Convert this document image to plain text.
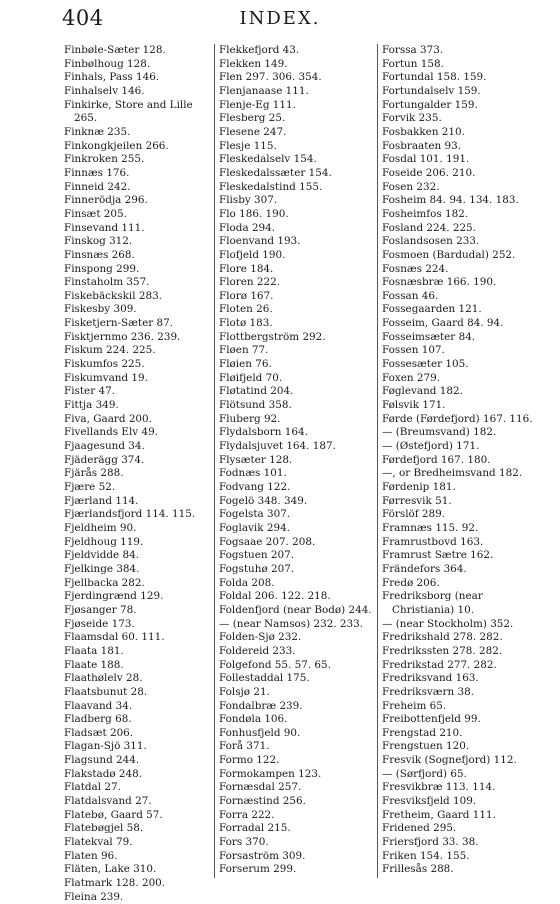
404	INDEX.
Finbøle-Sæter 128.
Finbølhoug 128.
Finhals, Pass 146.
Finhalselv 146.
Finkirke, Store and Lille 265.
Finknæ 235.
Finkongkjeilen 266.
Finkroken 255.
Finnæs 176.
Finneid 242.
Finnerödja 296.
Finsæt 205.
Finsevand 111.
Finskog 312.
Finsnæs 268.
Finspong 299.
Finstaholm 357.
Fiskebäckskil 283.
Fiskesby 309.
Fisketjern-Sæter 87.
Fisktjernmo 236. 239.
Fiskum 224. 225.
Fiskumfos 225.
Fiskumvand 19.
Fister 47.
Fittja 349.
Fiva, Gaard 200.
Fivellands Elv 49.
Fjaagesund 34.
Fjäderägg 374.
Fjärås 288.
Fjære 52.
Fjærland 114.
Fjærlandsfjord 114. 115.
Fjeldheim 90.
Fjeldhoug 119.
Fjeldvidde 84.
Fjelkinge 384.
Fjellbacka 282.
Fjerdingrænd 129.
Fjøsanger 78.
Fjøseide 173.
Flaamsdal 60. 111.
Flaata 181.
Flaate 188.
Flaathølelv 28.
Flaatsbunut 28.
Flaavand 34.
Fladberg 68.
Fladsæt 206.
Flagan-Sjö 311.
Flagsund 244.
Flakstadø 248.
Flatdal 27.
Flatdalsvand 27.
Flatebø, Gaard 57.
Flatebøgjel 58.
Flatekval 79.
Flaten 96.
Fläten, Lake 310.
Flatmark 128. 200.
Fleina 239.
Flekkefjord 43.
Flekken 149.
Flen 297. 306. 354.
Flenjanaase 111.
Flenje-Eg 111.
Flesberg 25.
Flesene 247.
Flesje 115.
Fleskedalselv 154.
Fleskedalssæter 154.
Fleskedalstind 155.
Flisby 307.
Flo 186. 190.
Floda 294.
Floenvand 193.
Flofjeld 190.
Flore 184.
Floren 222.
Florø 167.
Floten 26.
Flotø 183.
Flottbergström 292.
Fløen 77.
Fløien 76.
Fløifjeld 70.
Fløtatind 204.
Flötsund 358.
Fluberg 92.
Flydalsborn 164.
Flydalsjuvet 164. 187.
Flysæter 128.
Fodnæs 101.
Fodvang 122.
Fogelö 348. 349.
Fogelsta 307.
Foglavik 294.
Fogsaae 207. 208.
Fogstuen 207.
Fogstuhø 207.
Folda 208.
Foldal 206. 122. 218.
Foldenfjord (near Bodø) 244.
— (near Namsos) 232. 233.
Folden-Sjø 232.
Foldereid 233.
Folgefond 55. 57. 65.
Follestaddal 175.
Folsjø 21.
Fondalbræ 239.
Fondøla 106.
Fonhusfjeld 90.
Forå 371.
Formo 122.
Formokampen 123.
Fornæsdal 257.
Fornæstind 256.
Forra 222.
Forradal 215.
Fors 370.
Forsaström 309.
Forserum 299.
Forssa 373.
Fortun 158.
Fortundal 158. 159.
Fortundalselv 159.
Fortungalder 159.
Forvik 235.
Fosbakken 210.
Fosbraaten 93.
Fosdal 101. 191.
Foseide 206. 210.
Fosen 232.
Fosheim 84. 94. 134. 183.
Fosheimfos 182.
Fosland 224. 225.
Foslandsosen 233.
Fosmoen (Bardudal) 252.
Fosnæs 224.
Fosnæsbræ 166. 190.
Fossan 46.
Fossegaarden 121.
Fosseim, Gaard 84. 94.
Fosseimsæter 84.
Fossen 107.
Fossesæter 105.
Foxen 279.
Føglevand 182.
Følsvik 171.
Førde (Førdefjord) 167. 116.
— (Breumsvand) 182.
— (Østefjord) 171.
Førdefjord 167. 180.
—, or Bredheimsvand 182.
Førdenip 181.
Førresvik 51.
Förslöf 289.
Framnæs 115. 92.
Framrustbovd 163.
Framrust Sætre 162.
Frändefors 364.
Fredø 206.
Fredriksborg (near Christiania) 10.
— (near Stockholm) 352.
Fredrikshald 278. 282.
Fredrikssten 278. 282.
Fredrikstad 277. 282.
Fredriksvand 163.
Fredriksværn 38.
Freheim 65.
Freibottenfjeld 99.
Frengstad 210.
Frengstuen 120.
Fresvik (Sognefjord) 112.
— (Sørfjord) 65.
Fresvikbræ 113. 114.
Fresviksfjeld 109.
Fretheim, Gaard 111.
Fridened 295.
Friersfjord 33. 38.
Friken 154. 155.
Frillesås 288.
